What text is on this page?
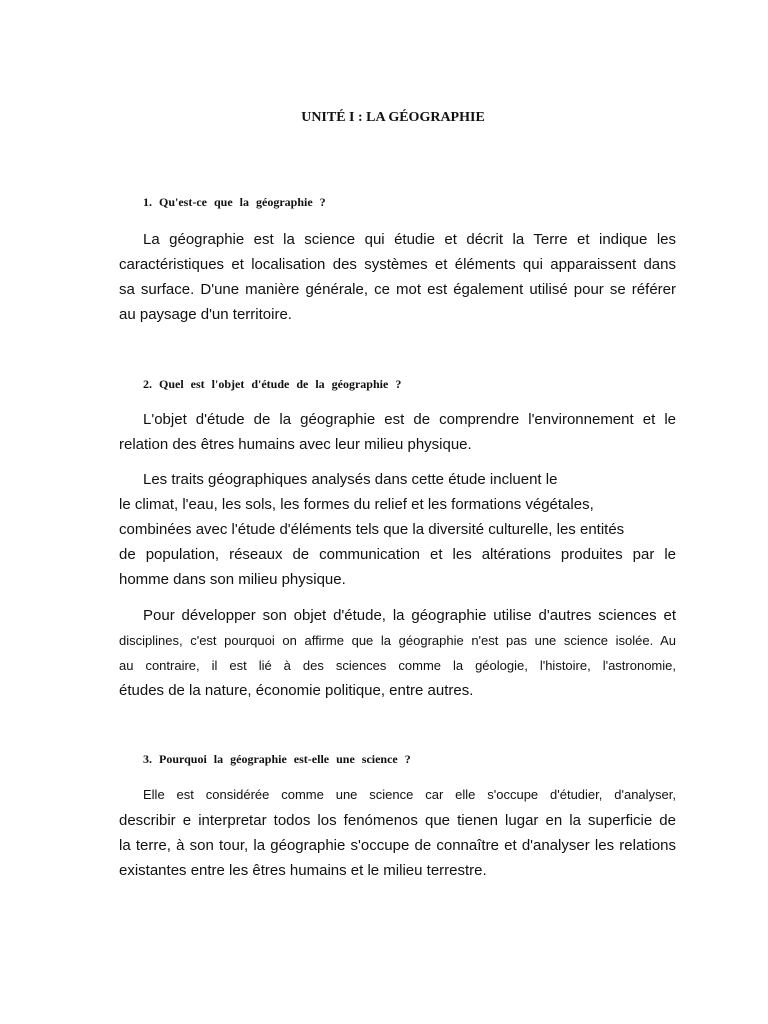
UNITÉ I : LA GÉOGRAPHIE
1. Qu'est-ce que la géographie ?
La géographie est la science qui étudie et décrit la Terre et indique les
caractéristiques et localisation des systèmes et éléments qui apparaissent dans
sa surface. D'une manière générale, ce mot est également utilisé pour se référer
au paysage d'un territoire.
2. Quel est l'objet d'étude de la géographie ?
L'objet d'étude de la géographie est de comprendre l'environnement et le
relation des êtres humains avec leur milieu physique.
Les traits géographiques analysés dans cette étude incluent le
le climat, l'eau, les sols, les formes du relief et les formations végétales,
combinées avec l'étude d'éléments tels que la diversité culturelle, les entités
de population, réseaux de communication et les altérations produites par le
homme dans son milieu physique.
Pour développer son objet d'étude, la géographie utilise d'autres sciences et
disciplines, c'est pourquoi on affirme que la géographie n'est pas une science isolée. Au
au contraire, il est lié à des sciences comme la géologie, l'histoire, l'astronomie,
études de la nature, économie politique, entre autres.
3. Pourquoi la géographie est-elle une science ?
Elle est considérée comme une science car elle s'occupe d'étudier, d'analyser,
describir e interpretar todos los fenómenos que tienen lugar en la superficie de
la terre, à son tour, la géographie s'occupe de connaître et d'analyser les relations
existantes entre les êtres humains et le milieu terrestre.
